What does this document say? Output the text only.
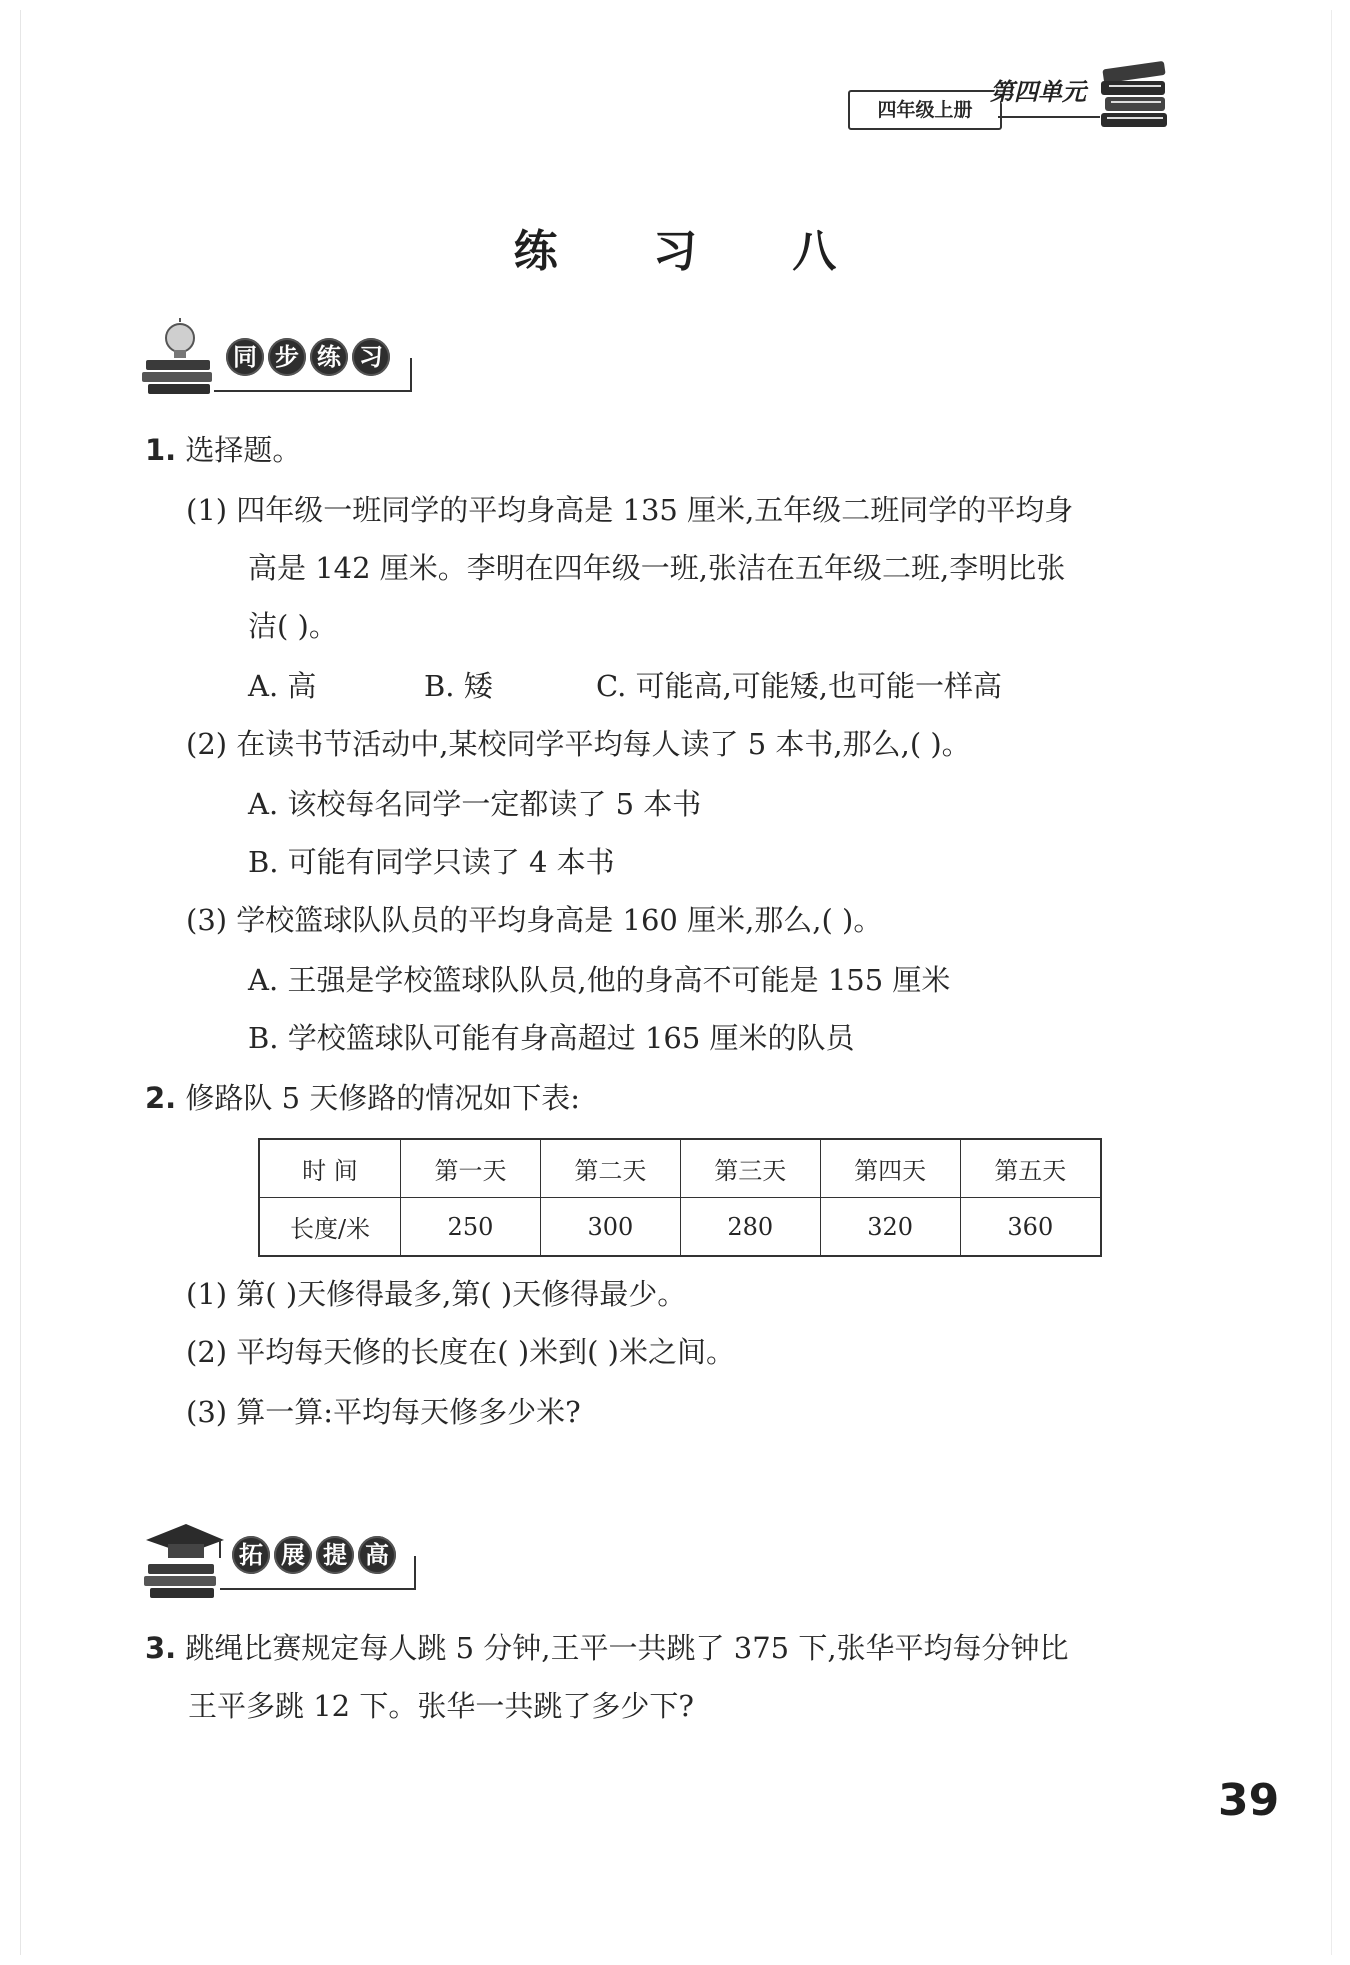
四年级上册
第四单元
练 习 八
同 步 练 习
1. 选择题。
(1) 四年级一班同学的平均身高是 135 厘米,五年级二班同学的平均身
高是 142 厘米。李明在四年级一班,张洁在五年级二班,李明比张
洁( )。
A. 高	B. 矮	C. 可能高,可能矮,也可能一样高
(2) 在读书节活动中,某校同学平均每人读了 5 本书,那么,( )。
A. 该校每名同学一定都读了 5 本书
B. 可能有同学只读了 4 本书
(3) 学校篮球队队员的平均身高是 160 厘米,那么,( )。
A. 王强是学校篮球队队员,他的身高不可能是 155 厘米
B. 学校篮球队可能有身高超过 165 厘米的队员
2. 修路队 5 天修路的情况如下表:
时 间	第一天	第二天	第三天	第四天	第五天
长度/米	250	300	280	320	360
(1) 第( )天修得最多,第( )天修得最少。
(2) 平均每天修的长度在( )米到( )米之间。
(3) 算一算:平均每天修多少米?
拓 展 提 高
3. 跳绳比赛规定每人跳 5 分钟,王平一共跳了 375 下,张华平均每分钟比
王平多跳 12 下。张华一共跳了多少下?
39
